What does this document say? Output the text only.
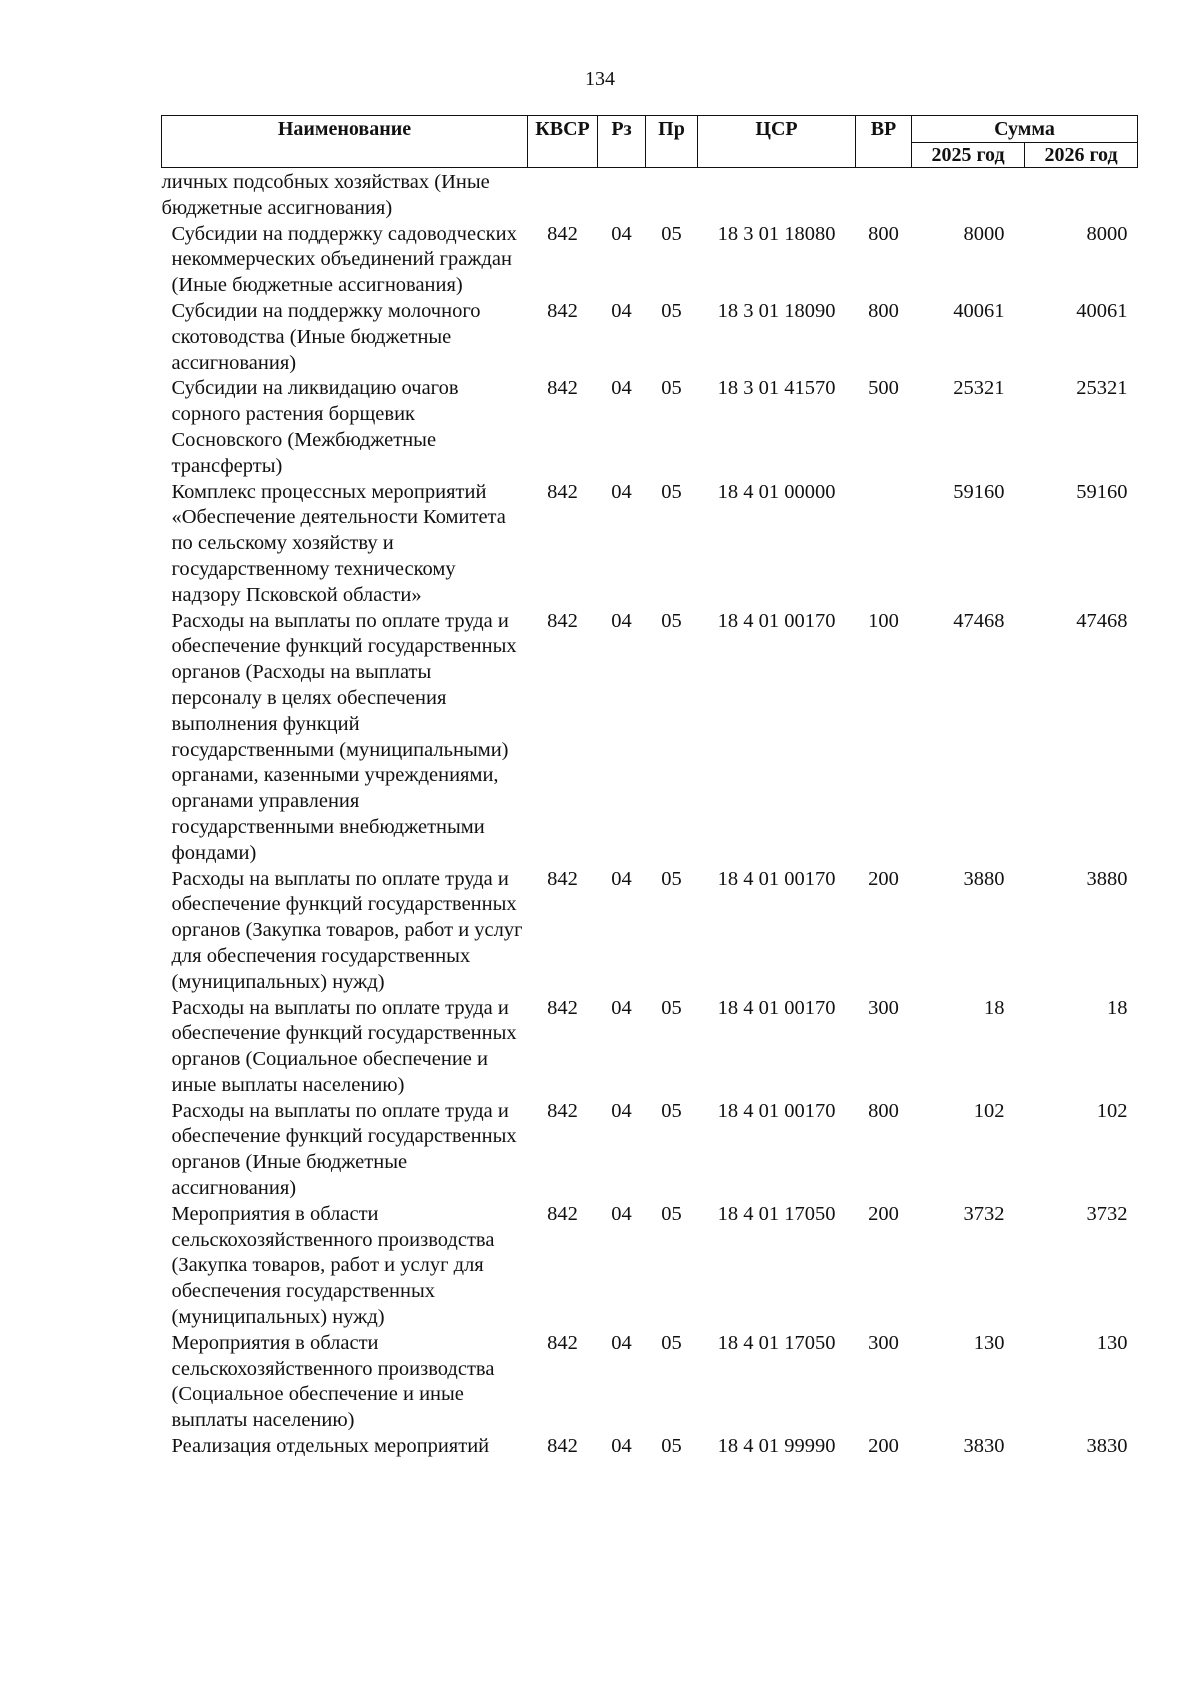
134
Наименование	КВСР	Рз	Пр	ЦСР	ВР	Сумма	
						2025 год	2026 год
личных подсобных хозяйствах (Иные бюджетные ассигнования)							
Субсидии на поддержку садоводческих некоммерческих объединений граждан (Иные бюджетные ассигнования)	842	04	05	18 3 01 18080	800	8000	8000
Субсидии на поддержку молочного скотоводства (Иные бюджетные ассигнования)	842	04	05	18 3 01 18090	800	40061	40061
Субсидии на ликвидацию очагов сорного растения борщевик Сосновского (Межбюджетные трансферты)	842	04	05	18 3 01 41570	500	25321	25321
Комплекс процессных мероприятий «Обеспечение деятельности Комитета по сельскому хозяйству и государственному техническому надзору Псковской области»	842	04	05	18 4 01 00000		59160	59160
Расходы на выплаты по оплате труда и обеспечение функций государственных органов (Расходы на выплаты персоналу в целях обеспечения выполнения функций государственными (муниципальными) органами, казенными учреждениями, органами управления государственными внебюджетными фондами)	842	04	05	18 4 01 00170	100	47468	47468
Расходы на выплаты по оплате труда и обеспечение функций государственных органов (Закупка товаров, работ и услуг для обеспечения государственных (муниципальных) нужд)	842	04	05	18 4 01 00170	200	3880	3880
Расходы на выплаты по оплате труда и обеспечение функций государственных органов (Социальное обеспечение и иные выплаты населению)	842	04	05	18 4 01 00170	300	18	18
Расходы на выплаты по оплате труда и обеспечение функций государственных органов (Иные бюджетные ассигнования)	842	04	05	18 4 01 00170	800	102	102
Мероприятия в области сельскохозяйственного производства (Закупка товаров, работ и услуг для обеспечения государственных (муниципальных) нужд)	842	04	05	18 4 01 17050	200	3732	3732
Мероприятия в области сельскохозяйственного производства (Социальное обеспечение и иные выплаты населению)	842	04	05	18 4 01 17050	300	130	130
Реализация отдельных мероприятий	842	04	05	18 4 01 99990	200	3830	3830
